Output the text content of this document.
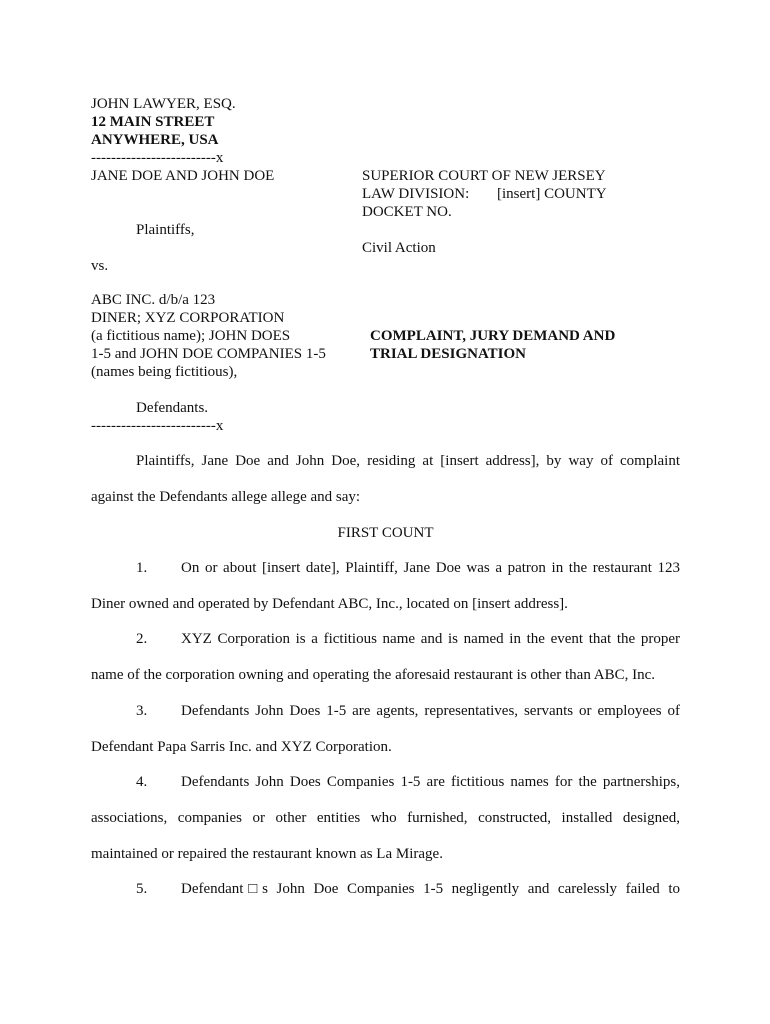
JOHN LAWYER, ESQ.
12 MAIN STREET
ANYWHERE, USA
-------------------------x
JANE DOE AND JOHN DOE
Plaintiffs,
vs.
ABC INC. d/b/a 123
DINER; XYZ CORPORATION
(a fictitious name); JOHN DOES
1-5 and JOHN DOE COMPANIES 1-5
(names being fictitious),
Defendants.
-------------------------x
SUPERIOR COURT OF NEW JERSEY
LAW DIVISION: [insert] COUNTY
DOCKET NO.
Civil Action
COMPLAINT, JURY DEMAND AND
TRIAL DESIGNATION
Plaintiffs, Jane Doe and John Doe, residing at [insert address], by way of complaint
against the Defendants allege allege and say:
FIRST COUNT
1. On or about [insert date], Plaintiff, Jane Doe was a patron in the restaurant 123
Diner owned and operated by Defendant ABC, Inc., located on [insert address].
2. XYZ Corporation is a fictitious name and is named in the event that the proper
name of the corporation owning and operating the aforesaid restaurant is other than ABC, Inc.
3. Defendants John Does 1-5 are agents, representatives, servants or employees of
Defendant Papa Sarris Inc. and XYZ Corporation.
4. Defendants John Does Companies 1-5 are fictitious names for the partnerships,
associations, companies or other entities who furnished, constructed, installed designed,
maintained or repaired the restaurant known as La Mirage.
5. Defendant□s John Doe Companies 1-5 negligently and carelessly failed to
